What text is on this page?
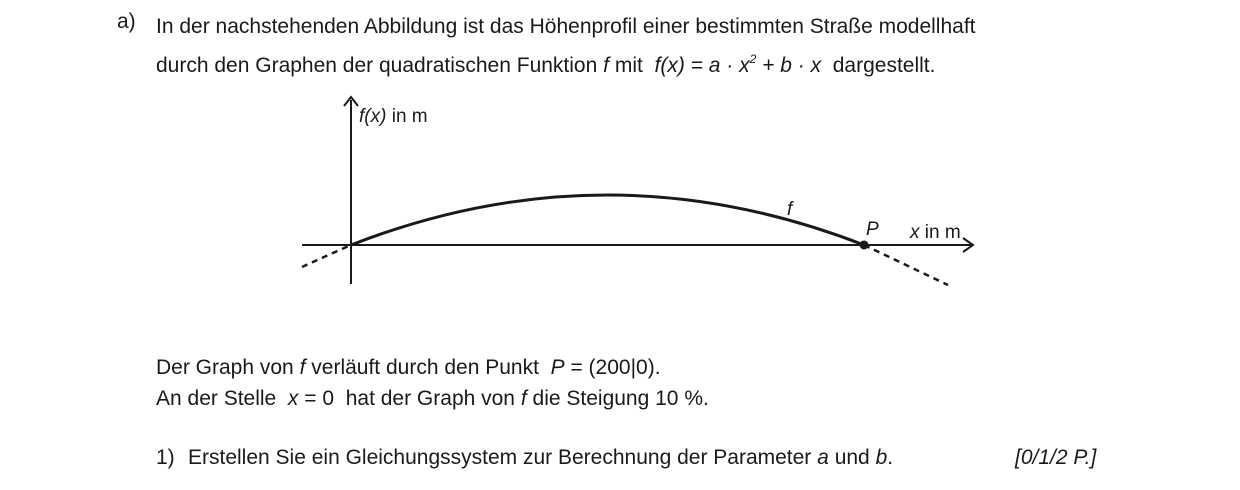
a) In der nachstehenden Abbildung ist das Höhenprofil einer bestimmten Straße modellhaft
durch den Graphen der quadratischen Funktion f mit $f(x) = a \cdot x^2 + b \cdot x$ dargestellt.
f(x) in m
x in m
f
P
Der Graph von f verläuft durch den Punkt P = (200|0).
An der Stelle x = 0 hat der Graph von f die Steigung 10 %.
1) Erstellen Sie ein Gleichungssystem zur Berechnung der Parameter a und b.	[0/1/2 P.]
